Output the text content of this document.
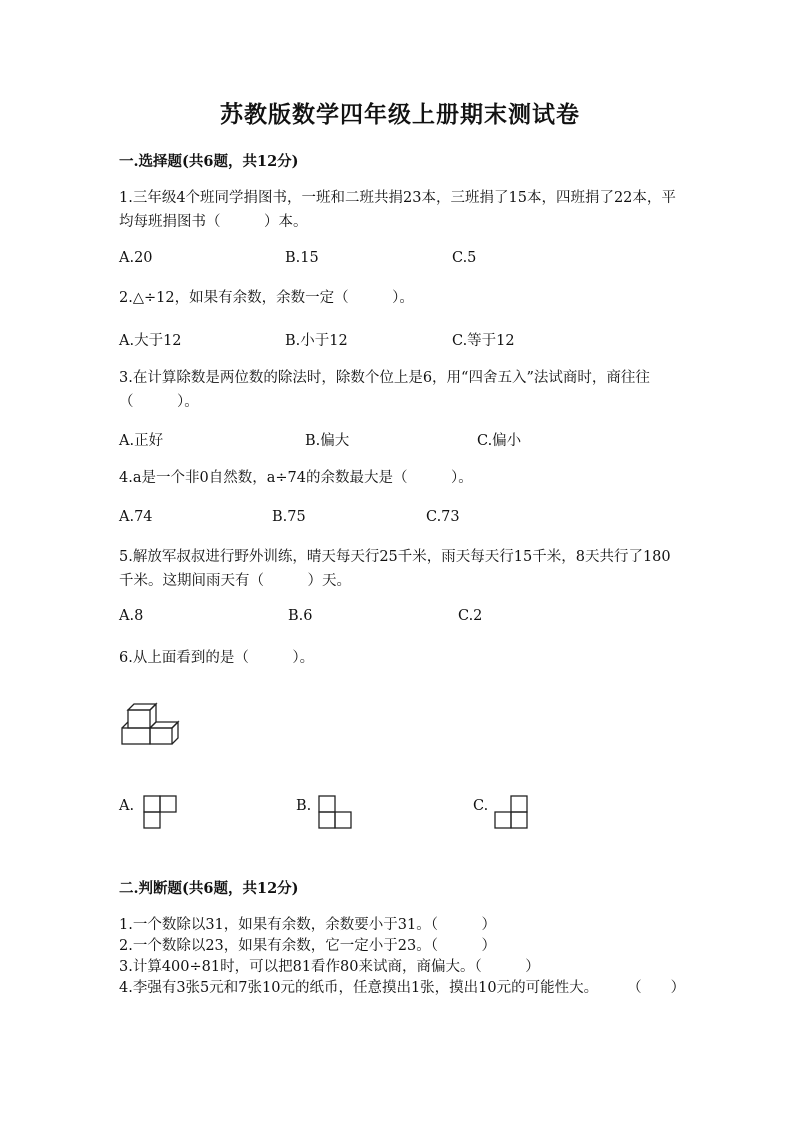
苏教版数学四年级上册期末测试卷
一.选择题(共6题，共12分)
1.三年级4个班同学捐图书，一班和二班共捐23本，三班捐了15本，四班捐了22本，平均每班捐图书（　　　）本。
A.20	B.15	C.5
2.△÷12，如果有余数，余数一定（　　　）。
A.大于12	B.小于12	C.等于12
3.在计算除数是两位数的除法时，除数个位上是6，用“四舍五入”法试商时，商往往（　　　）。
A.正好	B.偏大	C.偏小
4.a是一个非0自然数，a÷74的余数最大是（　　　）。
A.74	B.75	C.73
5.解放军叔叔进行野外训练，晴天每天行25千米，雨天每天行15千米，8天共行了180千米。这期间雨天有（　　　）天。
A.8	B.6	C.2
6.从上面看到的是（　　　）。
A.	B.	C.
二.判断题(共6题，共12分)
1.一个数除以31，如果有余数，余数要小于31。（　　　）
2.一个数除以23，如果有余数，它一定小于23。（　　　）
3.计算400÷81时，可以把81看作80来试商，商偏大。（　　　）
4.李强有3张5元和7张10元的纸币，任意摸出1张，摸出10元的可能性大。　　　（　　）
